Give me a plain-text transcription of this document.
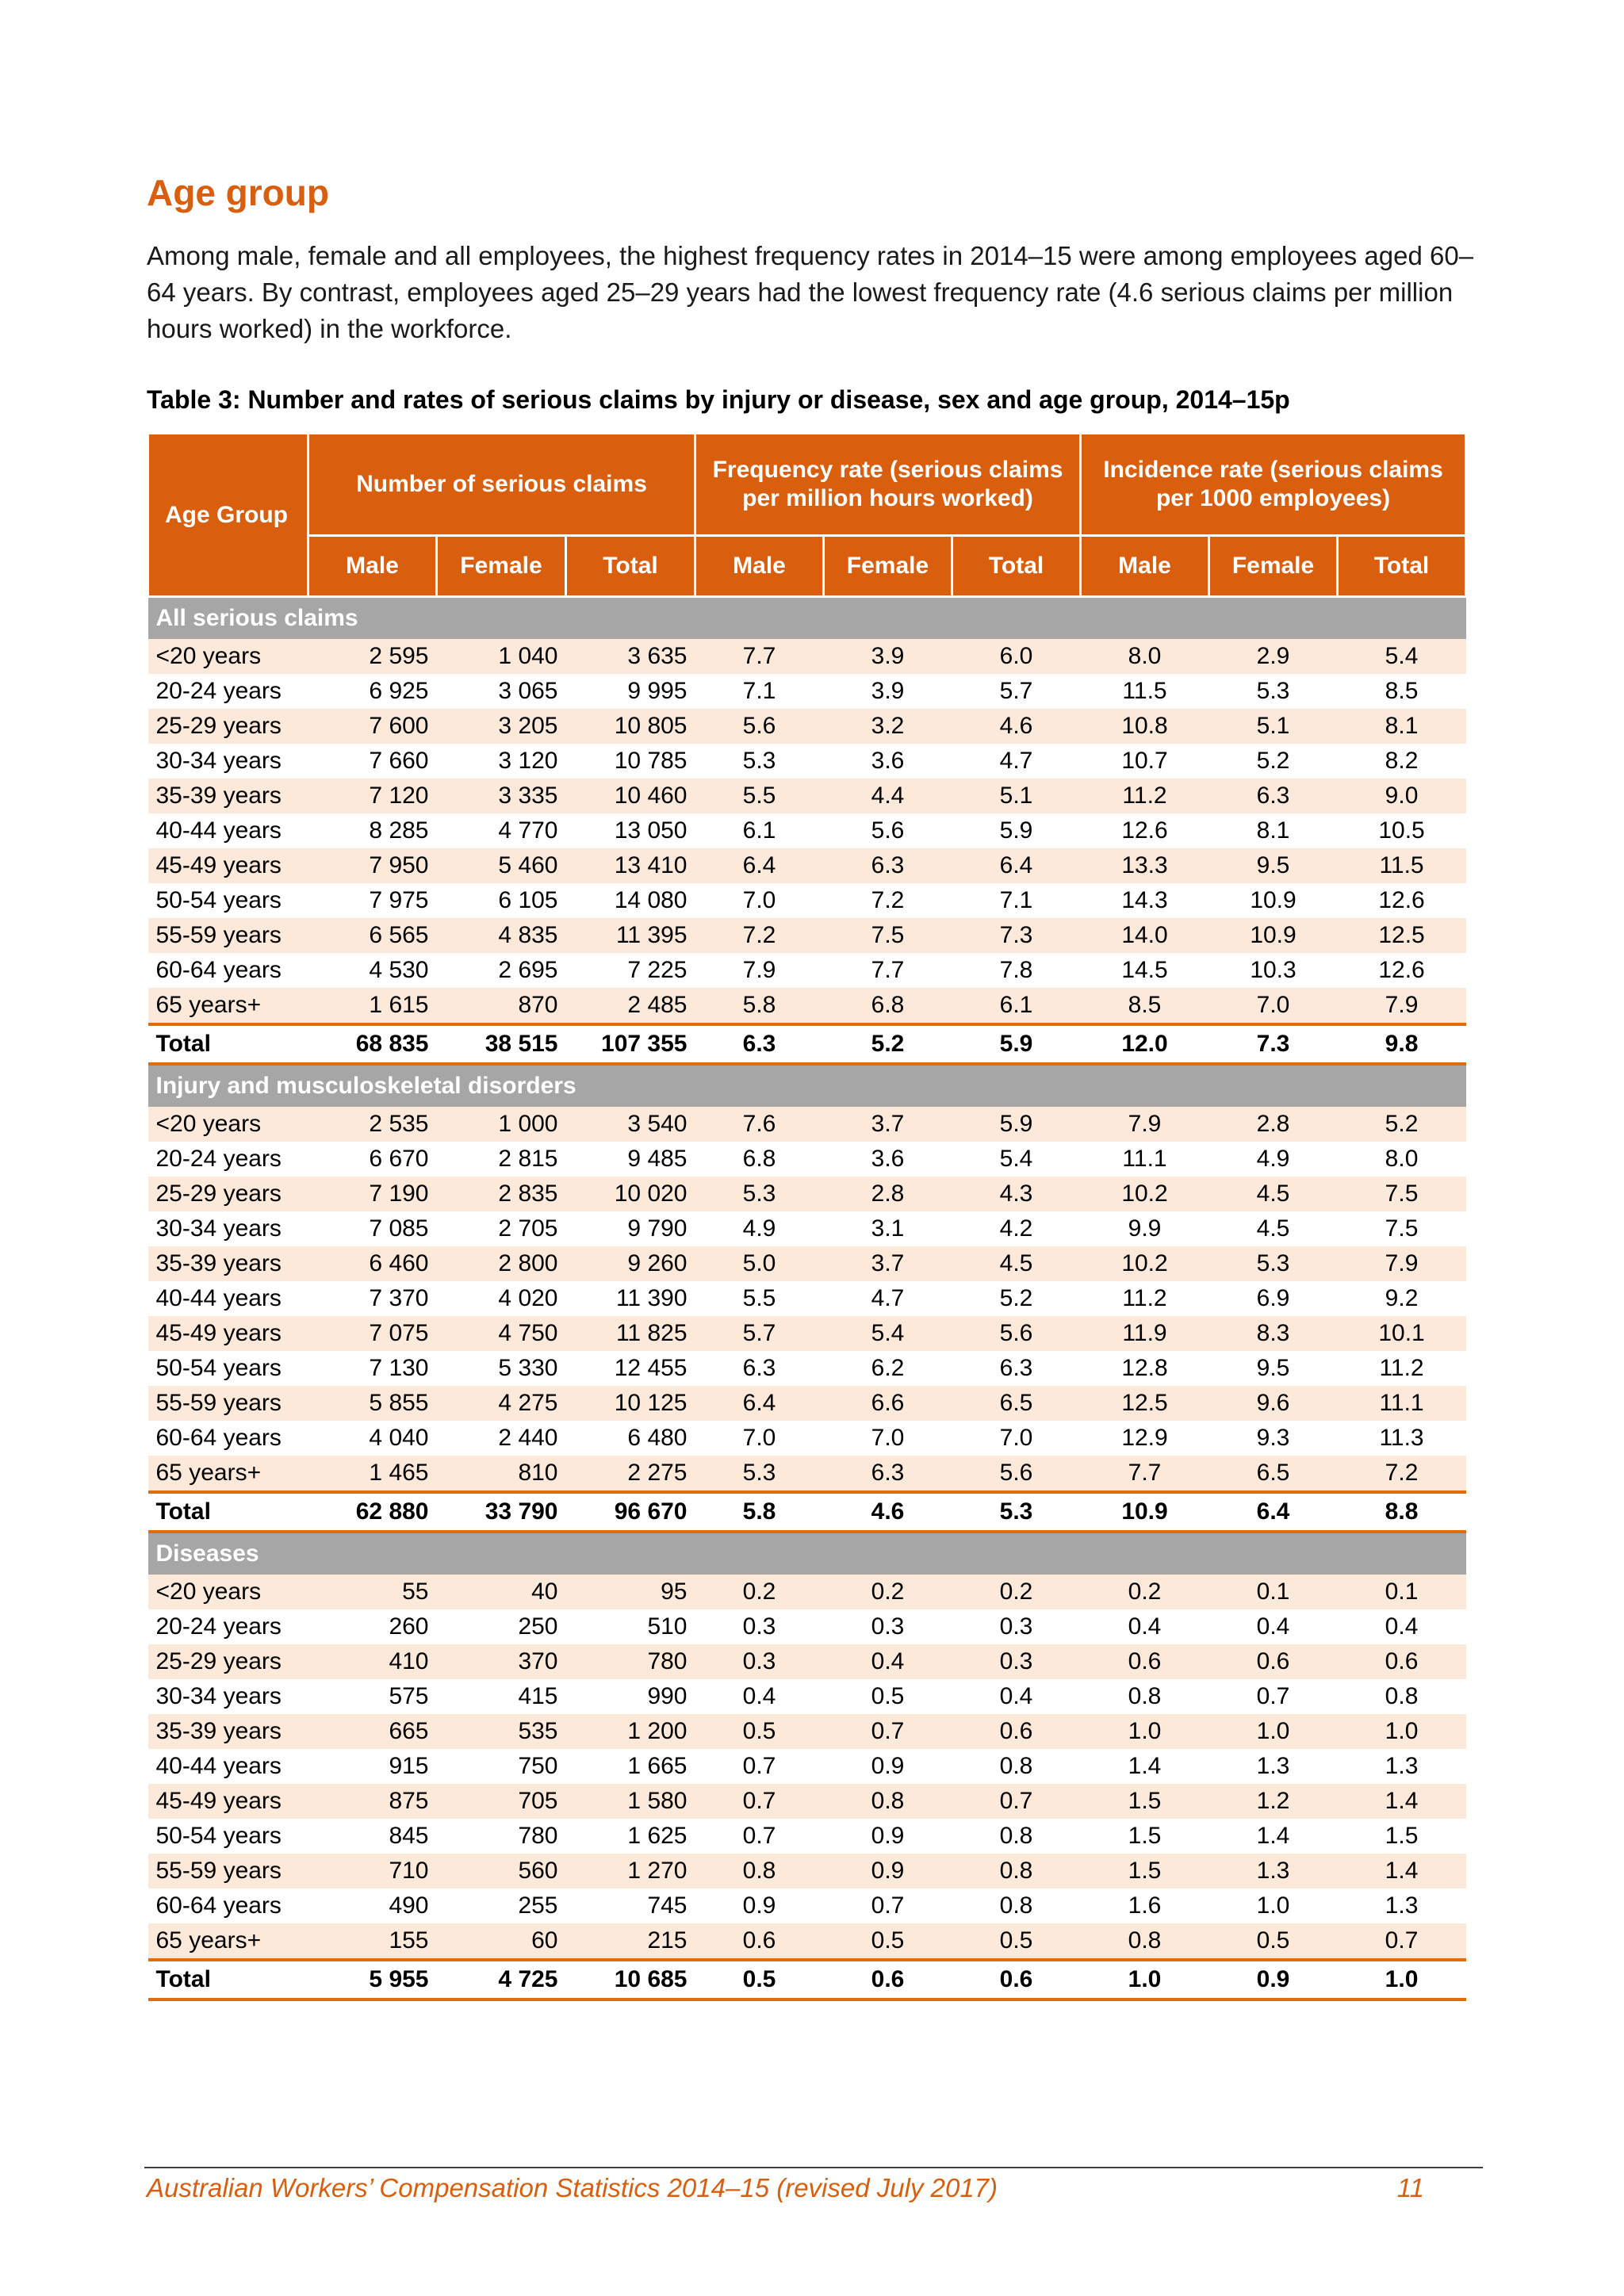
Age group

Among male, female and all employees, the highest frequency rates in 2014–15 were among employees aged 60–64 years. By contrast, employees aged 25–29 years had the lowest frequency rate (4.6 serious claims per million hours worked) in the workforce.

Table 3: Number and rates of serious claims by injury or disease, sex and age group, 2014–15p

Age Group	Number of serious claims			Frequency rate (serious claims per million hours worked)			Incidence rate (serious claims per 1000 employees)		
	Male	Female	Total	Male	Female	Total	Male	Female	Total
All serious claims									
<20 years	2 595	1 040	3 635	7.7	3.9	6.0	8.0	2.9	5.4
20-24 years	6 925	3 065	9 995	7.1	3.9	5.7	11.5	5.3	8.5
25-29 years	7 600	3 205	10 805	5.6	3.2	4.6	10.8	5.1	8.1
30-34 years	7 660	3 120	10 785	5.3	3.6	4.7	10.7	5.2	8.2
35-39 years	7 120	3 335	10 460	5.5	4.4	5.1	11.2	6.3	9.0
40-44 years	8 285	4 770	13 050	6.1	5.6	5.9	12.6	8.1	10.5
45-49 years	7 950	5 460	13 410	6.4	6.3	6.4	13.3	9.5	11.5
50-54 years	7 975	6 105	14 080	7.0	7.2	7.1	14.3	10.9	12.6
55-59 years	6 565	4 835	11 395	7.2	7.5	7.3	14.0	10.9	12.5
60-64 years	4 530	2 695	7 225	7.9	7.7	7.8	14.5	10.3	12.6
65 years+	1 615	870	2 485	5.8	6.8	6.1	8.5	7.0	7.9
Total	68 835	38 515	107 355	6.3	5.2	5.9	12.0	7.3	9.8
Injury and musculoskeletal disorders									
<20 years	2 535	1 000	3 540	7.6	3.7	5.9	7.9	2.8	5.2
20-24 years	6 670	2 815	9 485	6.8	3.6	5.4	11.1	4.9	8.0
25-29 years	7 190	2 835	10 020	5.3	2.8	4.3	10.2	4.5	7.5
30-34 years	7 085	2 705	9 790	4.9	3.1	4.2	9.9	4.5	7.5
35-39 years	6 460	2 800	9 260	5.0	3.7	4.5	10.2	5.3	7.9
40-44 years	7 370	4 020	11 390	5.5	4.7	5.2	11.2	6.9	9.2
45-49 years	7 075	4 750	11 825	5.7	5.4	5.6	11.9	8.3	10.1
50-54 years	7 130	5 330	12 455	6.3	6.2	6.3	12.8	9.5	11.2
55-59 years	5 855	4 275	10 125	6.4	6.6	6.5	12.5	9.6	11.1
60-64 years	4 040	2 440	6 480	7.0	7.0	7.0	12.9	9.3	11.3
65 years+	1 465	810	2 275	5.3	6.3	5.6	7.7	6.5	7.2
Total	62 880	33 790	96 670	5.8	4.6	5.3	10.9	6.4	8.8
Diseases									
<20 years	55	40	95	0.2	0.2	0.2	0.2	0.1	0.1
20-24 years	260	250	510	0.3	0.3	0.3	0.4	0.4	0.4
25-29 years	410	370	780	0.3	0.4	0.3	0.6	0.6	0.6
30-34 years	575	415	990	0.4	0.5	0.4	0.8	0.7	0.8
35-39 years	665	535	1 200	0.5	0.7	0.6	1.0	1.0	1.0
40-44 years	915	750	1 665	0.7	0.9	0.8	1.4	1.3	1.3
45-49 years	875	705	1 580	0.7	0.8	0.7	1.5	1.2	1.4
50-54 years	845	780	1 625	0.7	0.9	0.8	1.5	1.4	1.5
55-59 years	710	560	1 270	0.8	0.9	0.8	1.5	1.3	1.4
60-64 years	490	255	745	0.9	0.7	0.8	1.6	1.0	1.3
65 years+	155	60	215	0.6	0.5	0.5	0.8	0.5	0.7
Total	5 955	4 725	10 685	0.5	0.6	0.6	1.0	0.9	1.0
Australian Workers’ Compensation Statistics 2014–15 (revised July 2017)	11
